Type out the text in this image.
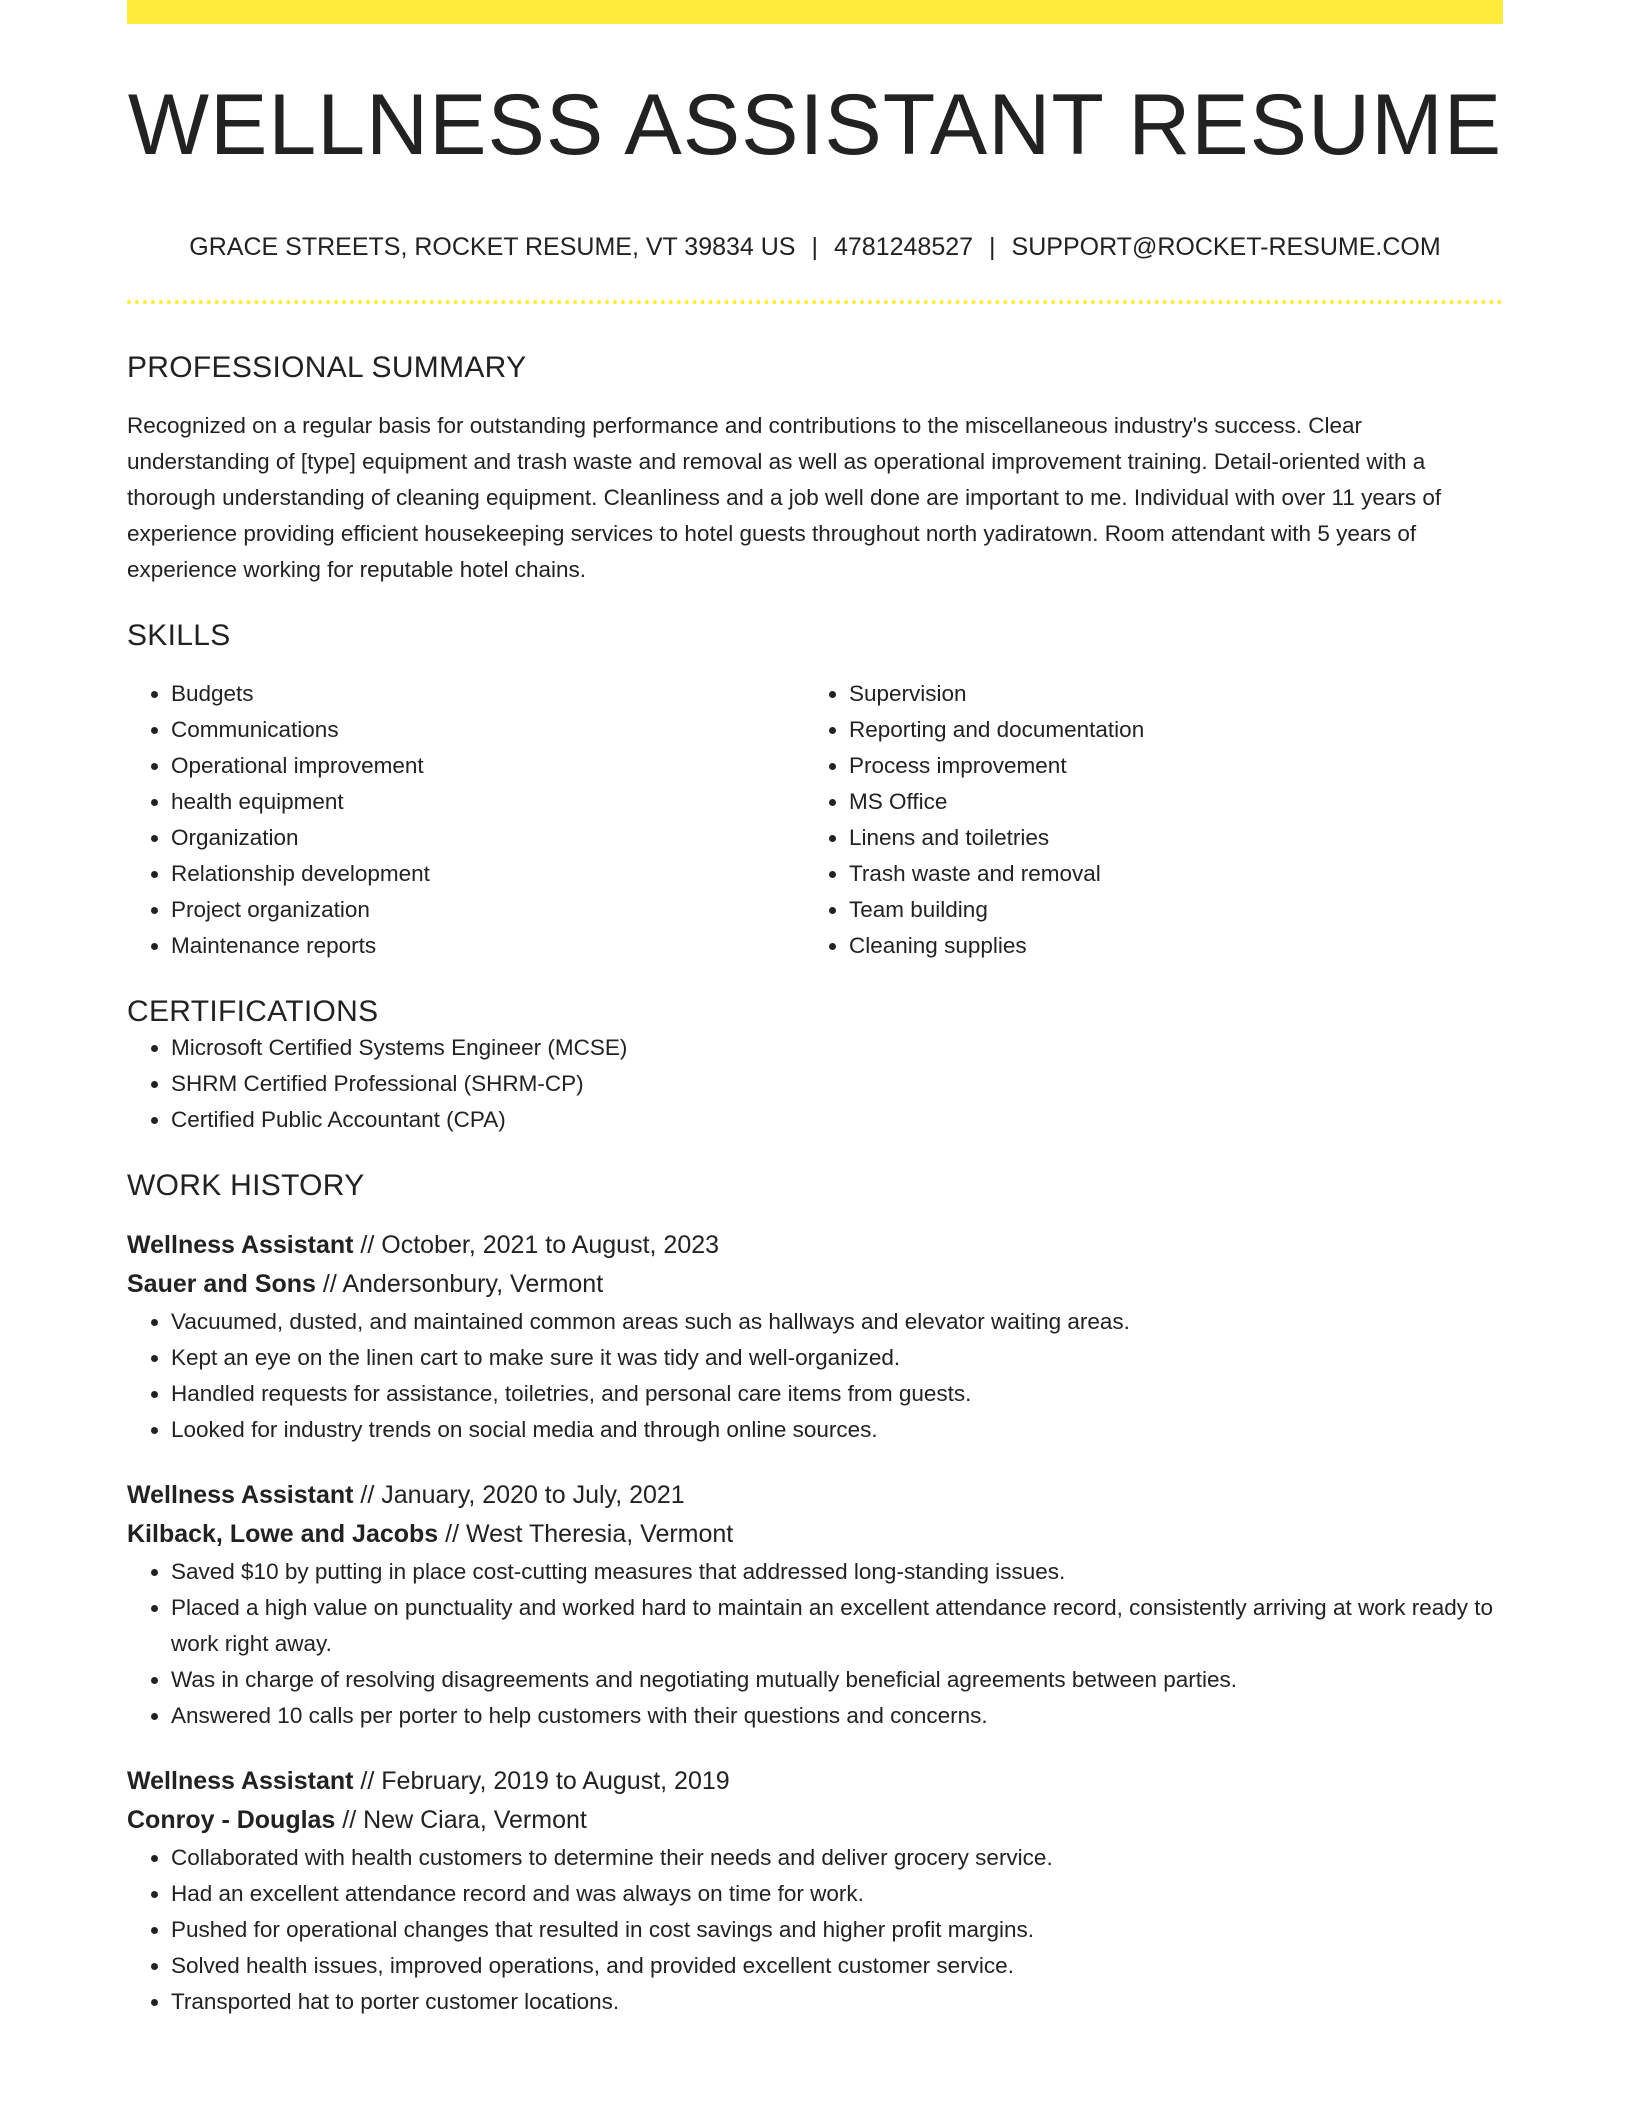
WELLNESS ASSISTANT RESUME
GRACE STREETS, ROCKET RESUME, VT 39834 US | 4781248527 | SUPPORT@ROCKET-RESUME.COM
PROFESSIONAL SUMMARY

Recognized on a regular basis for outstanding performance and contributions to the miscellaneous industry's success. Clear understanding of [type] equipment and trash waste and removal as well as operational improvement training. Detail-oriented with a thorough understanding of cleaning equipment. Cleanliness and a job well done are important to me. Individual with over 11 years of experience providing efficient housekeeping services to hotel guests throughout north yadiratown. Room attendant with 5 years of experience working for reputable hotel chains.

SKILLS
• Budgets
• Communications
• Operational improvement
• health equipment
• Organization
• Relationship development
• Project organization
• Maintenance reports
• Supervision
• Reporting and documentation
• Process improvement
• MS Office
• Linens and toiletries
• Trash waste and removal
• Team building
• Cleaning supplies
CERTIFICATIONS
• Microsoft Certified Systems Engineer (MCSE)
• SHRM Certified Professional (SHRM-CP)
• Certified Public Accountant (CPA)
WORK HISTORY
Wellness Assistant // October, 2021 to August, 2023
Sauer and Sons // Andersonbury, Vermont
• Vacuumed, dusted, and maintained common areas such as hallways and elevator waiting areas.
• Kept an eye on the linen cart to make sure it was tidy and well-organized.
• Handled requests for assistance, toiletries, and personal care items from guests.
• Looked for industry trends on social media and through online sources.
Wellness Assistant // January, 2020 to July, 2021
Kilback, Lowe and Jacobs // West Theresia, Vermont
• Saved $10 by putting in place cost-cutting measures that addressed long-standing issues.
• Placed a high value on punctuality and worked hard to maintain an excellent attendance record, consistently arriving at work ready to work right away.
• Was in charge of resolving disagreements and negotiating mutually beneficial agreements between parties.
• Answered 10 calls per porter to help customers with their questions and concerns.
Wellness Assistant // February, 2019 to August, 2019
Conroy - Douglas // New Ciara, Vermont
• Collaborated with health customers to determine their needs and deliver grocery service.
• Had an excellent attendance record and was always on time for work.
• Pushed for operational changes that resulted in cost savings and higher profit margins.
• Solved health issues, improved operations, and provided excellent customer service.
• Transported hat to porter customer locations.
